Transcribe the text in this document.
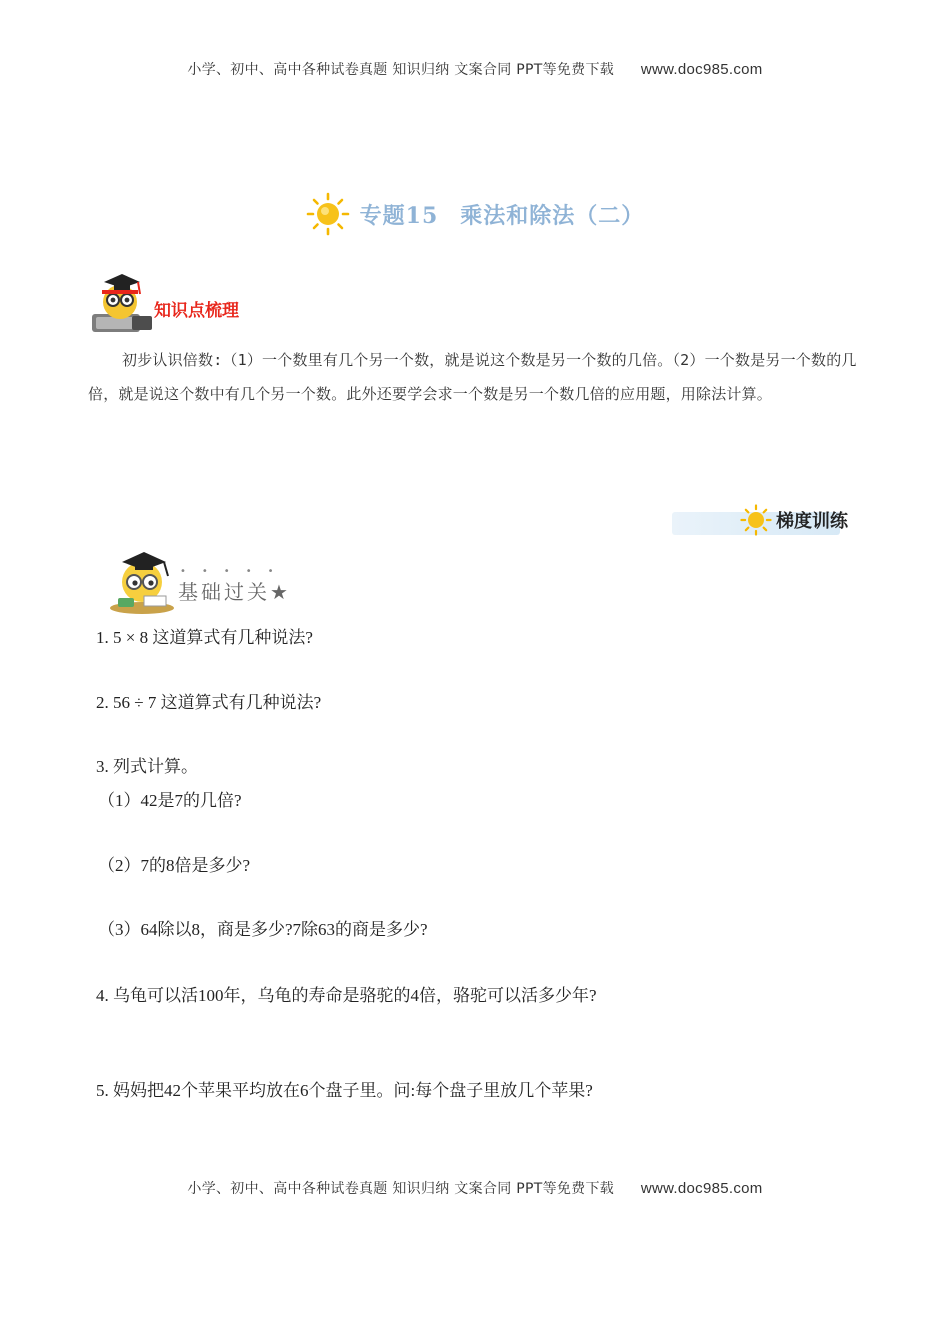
小学、初中、高中各种试卷真题 知识归纳 文案合同 PPT等免费下载 www.doc985.com
专题15 乘法和除法（二）
知识点梳理
初步认识倍数:（1）一个数里有几个另一个数，就是说这个数是另一个数的几倍。（2）一个数是另一个数的几倍，就是说这个数中有几个另一个数。此外还要学会求一个数是另一个数几倍的应用题，用除法计算。
梯度训练
•••••
基础过关★
1. 5 × 8 这道算式有几种说法?
2. 56 ÷ 7 这道算式有几种说法?
3. 列式计算。
（1）42是7的几倍?
（2）7的8倍是多少?
（3）64除以8，商是多少?7除63的商是多少?
4. 乌龟可以活100年，乌龟的寿命是骆驼的4倍，骆驼可以活多少年?
5. 妈妈把42个苹果平均放在6个盘子里。问:每个盘子里放几个苹果?
小学、初中、高中各种试卷真题 知识归纳 文案合同 PPT等免费下载 www.doc985.com
